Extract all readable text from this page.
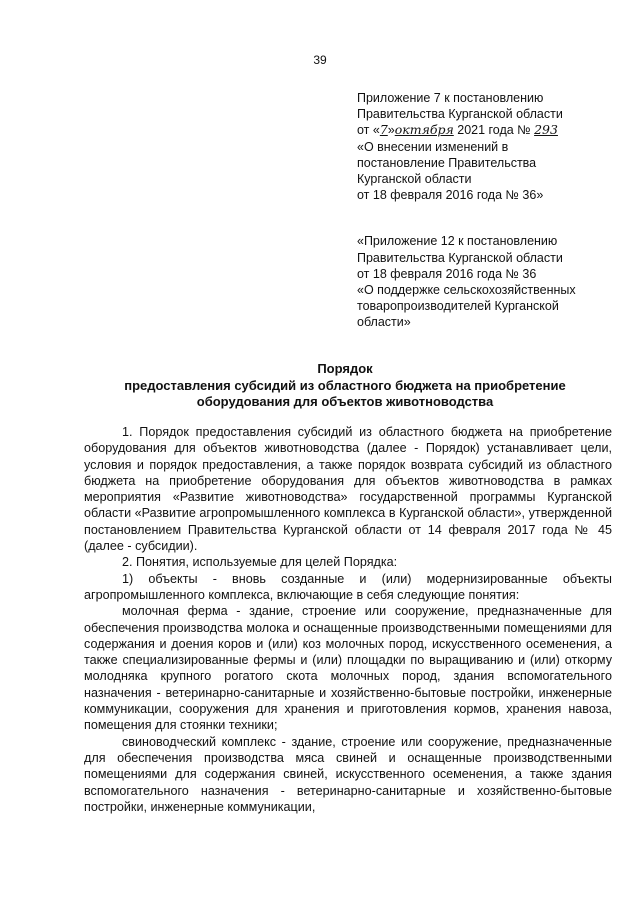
39
Приложение 7 к постановлению
Правительства Курганской области
от «7»октября 2021 года № 293
«О внесении изменений в
постановление Правительства
Курганской области
от 18 февраля 2016 года № 36»
«Приложение 12 к постановлению
Правительства Курганской области
от 18 февраля 2016 года № 36
«О поддержке сельскохозяйственных
товаропроизводителей Курганской
области»
Порядок
предоставления субсидий из областного бюджета на приобретение
оборудования для объектов животноводства

1. Порядок предоставления субсидий из областного бюджета на приобретение оборудования для объектов животноводства (далее - Порядок) устанавливает цели, условия и порядок предоставления, а также порядок возврата субсидий из областного бюджета на приобретение оборудования для объектов животноводства в рамках мероприятия «Развитие животноводства» государственной программы Курганской области «Развитие агропромышленного комплекса в Курганской области», утвержденной постановлением Правительства Курганской области от 14 февраля 2017 года № 45 (далее - субсидии).

2. Понятия, используемые для целей Порядка:

1) объекты - вновь созданные и (или) модернизированные объекты агропромышленного комплекса, включающие в себя следующие понятия:

молочная ферма - здание, строение или сооружение, предназначенные для обеспечения производства молока и оснащенные производственными помещениями для содержания и доения коров и (или) коз молочных пород, искусственного осеменения, а также специализированные фермы и (или) площадки по выращиванию и (или) откорму молодняка крупного рогатого скота молочных пород, здания вспомогательного назначения - ветеринарно-санитарные и хозяйственно-бытовые постройки, инженерные коммуникации, сооружения для хранения и приготовления кормов, хранения навоза, помещения для стоянки техники;

свиноводческий комплекс - здание, строение или сооружение, предназначенные для обеспечения производства мяса свиней и оснащенные производственными помещениями для содержания свиней, искусственного осеменения, а также здания вспомогательного назначения - ветеринарно-санитарные и хозяйственно-бытовые постройки, инженерные коммуникации,
